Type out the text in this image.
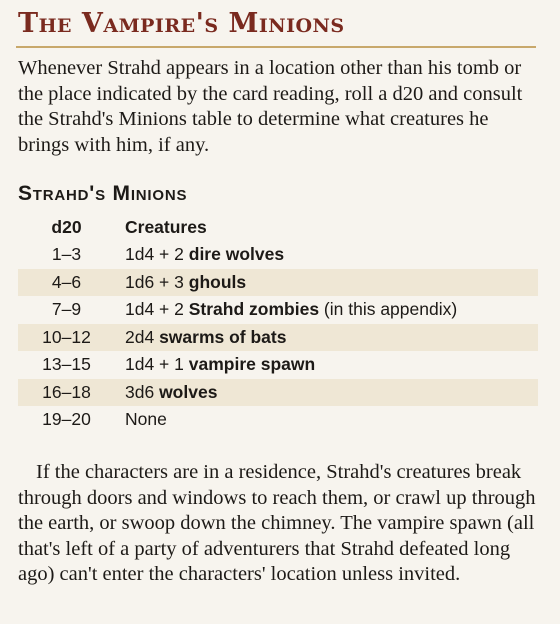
The Vampire's Minions

Whenever Strahd appears in a location other than his tomb or the place indicated by the card reading, roll a d20 and consult the Strahd's Minions table to determine what creatures he brings with him, if any.

Strahd's Minions
d20	Creatures
1–3	1d4 + 2 dire wolves
4–6	1d6 + 3 ghouls
7–9	1d4 + 2 Strahd zombies (in this appendix)
10–12	2d4 swarms of bats
13–15	1d4 + 1 vampire spawn
16–18	3d6 wolves
19–20	None

If the characters are in a residence, Strahd's creatures break through doors and windows to reach them, or crawl up through the earth, or swoop down the chimney. The vampire spawn (all that's left of a party of adventurers that Strahd defeated long ago) can't enter the characters' location unless invited.
